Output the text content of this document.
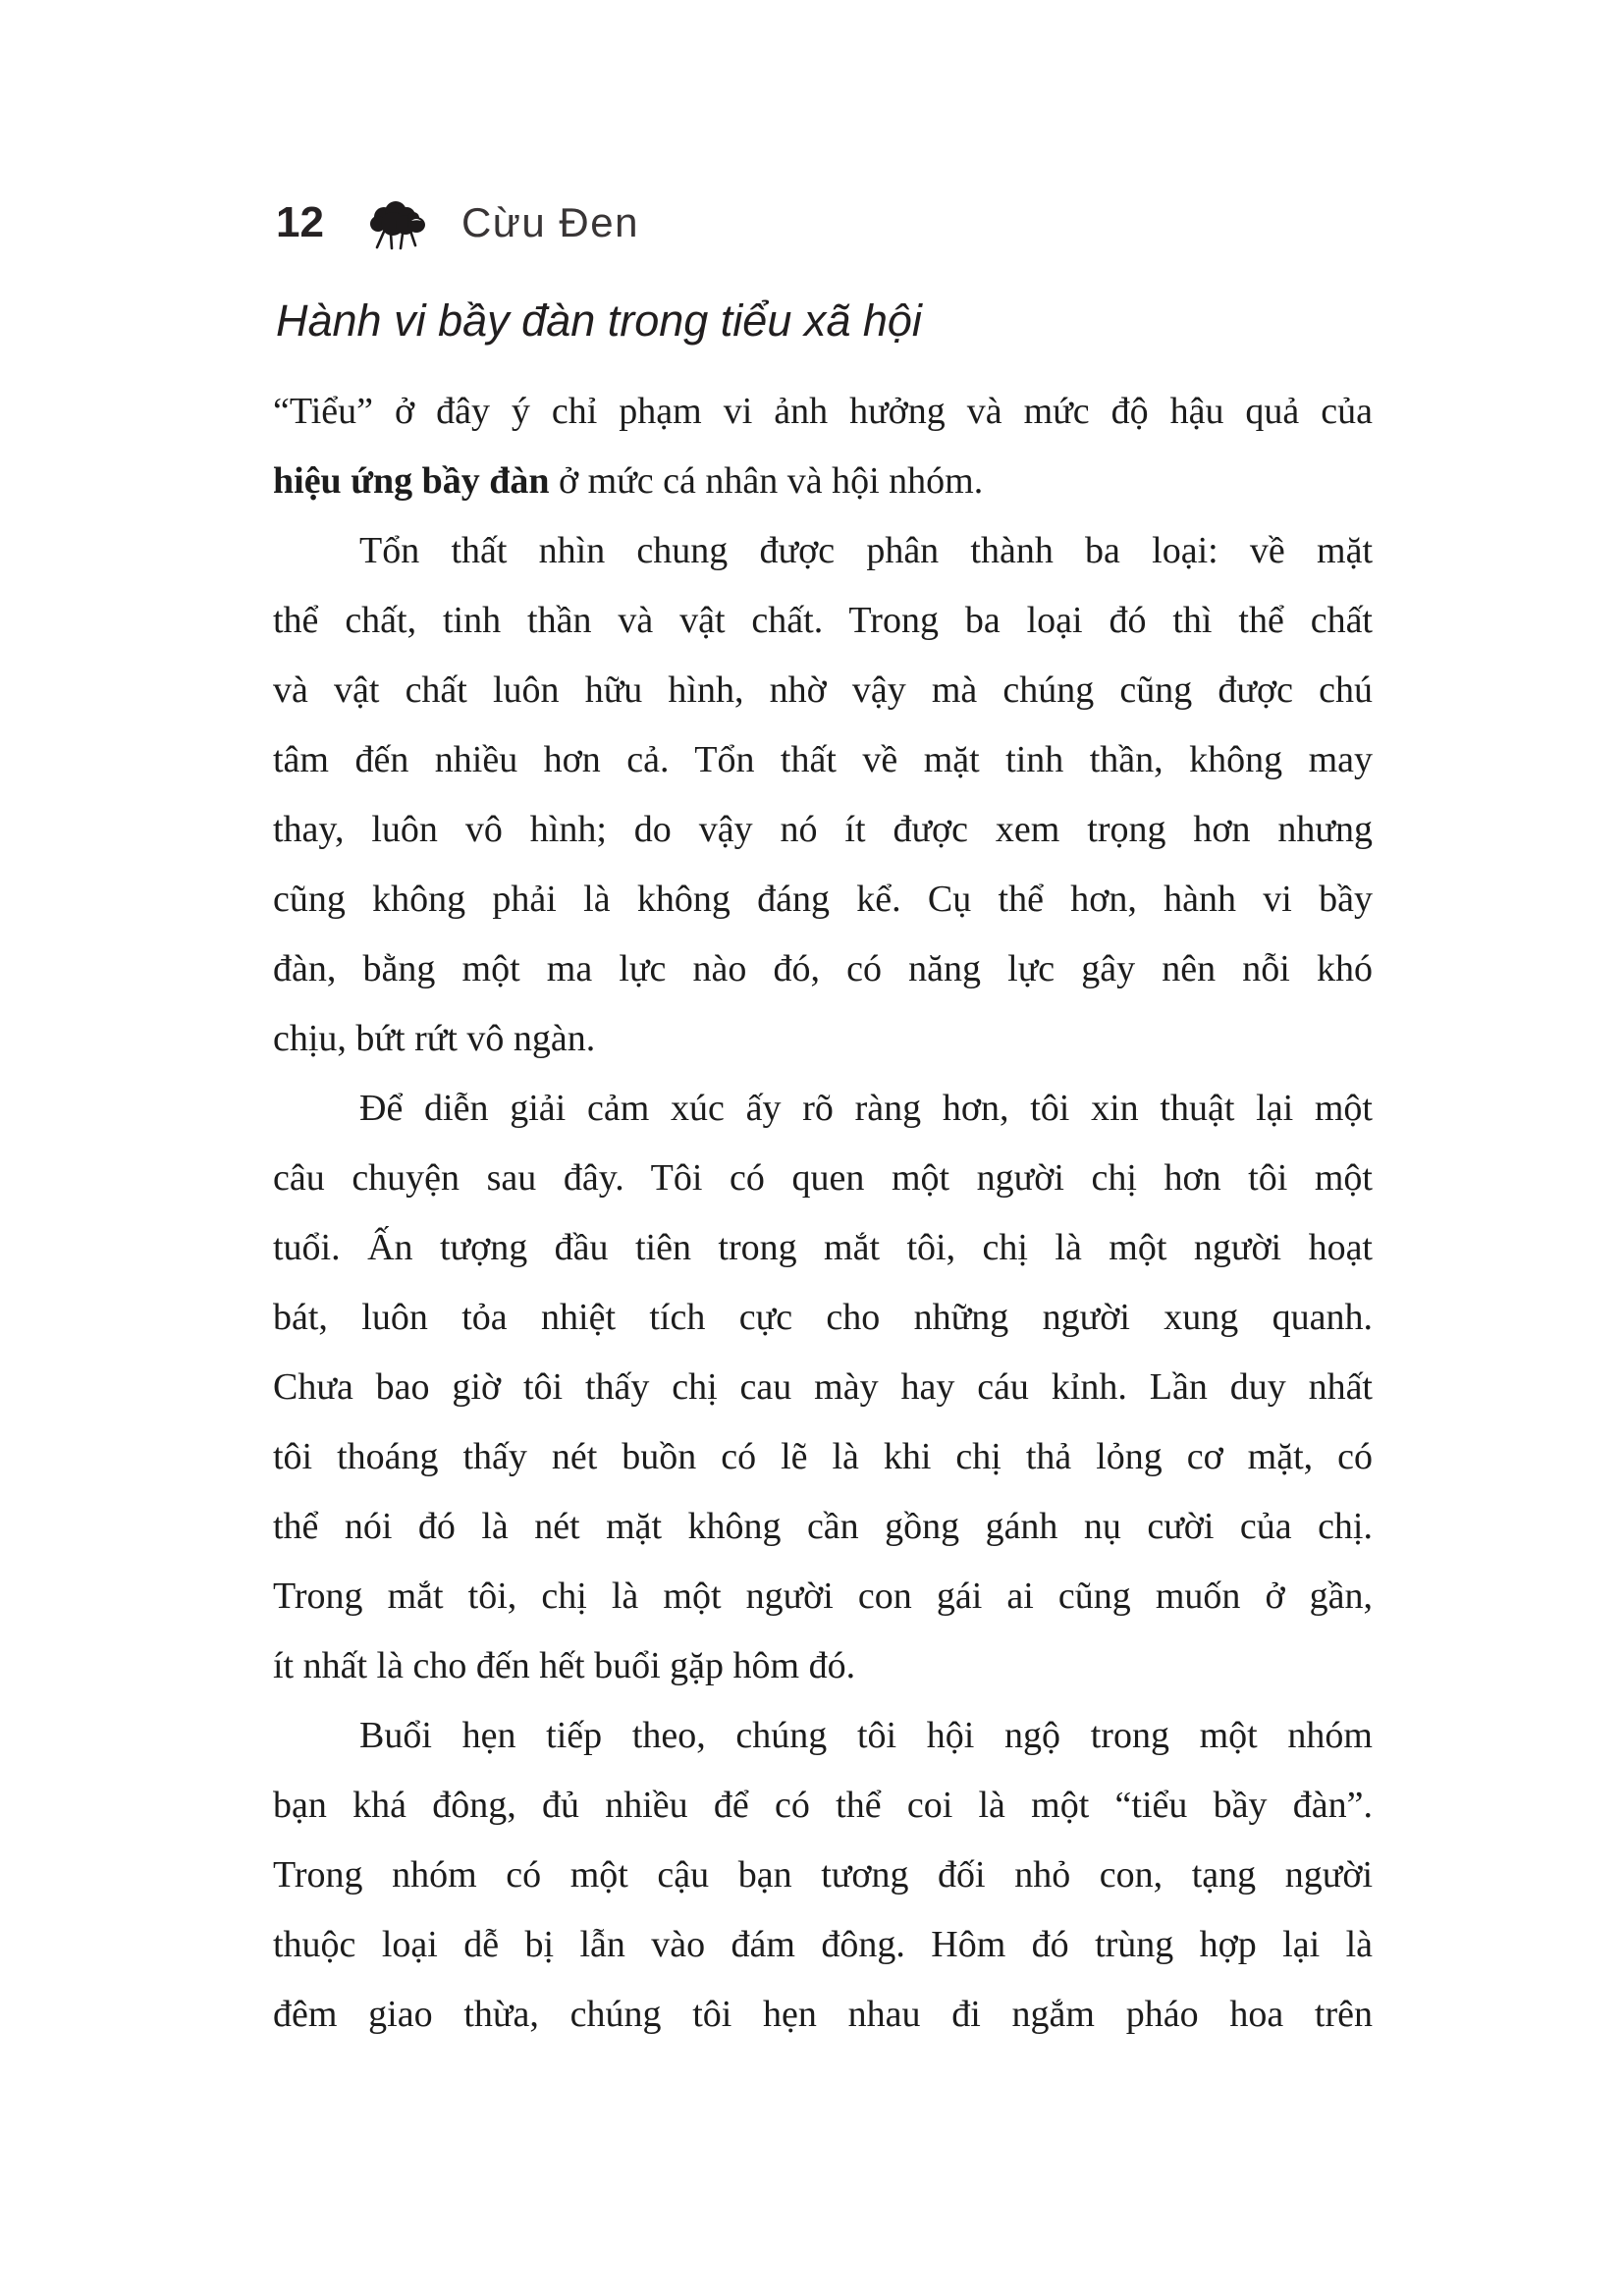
12	Cừu Đen
Hành vi bầy đàn trong tiểu xã hội
“Tiểu” ở đây ý chỉ phạm vi ảnh hưởng và mức độ hậu quả của
hiệu ứng bầy đàn ở mức cá nhân và hội nhóm.
Tổn thất nhìn chung được phân thành ba loại: về mặt
thể chất, tinh thần và vật chất. Trong ba loại đó thì thể chất
và vật chất luôn hữu hình, nhờ vậy mà chúng cũng được chú
tâm đến nhiều hơn cả. Tổn thất về mặt tinh thần, không may
thay, luôn vô hình; do vậy nó ít được xem trọng hơn nhưng
cũng không phải là không đáng kể. Cụ thể hơn, hành vi bầy
đàn, bằng một ma lực nào đó, có năng lực gây nên nỗi khó
chịu, bứt rứt vô ngàn.
Để diễn giải cảm xúc ấy rõ ràng hơn, tôi xin thuật lại một
câu chuyện sau đây. Tôi có quen một người chị hơn tôi một
tuổi. Ấn tượng đầu tiên trong mắt tôi, chị là một người hoạt
bát, luôn tỏa nhiệt tích cực cho những người xung quanh.
Chưa bao giờ tôi thấy chị cau mày hay cáu kỉnh. Lần duy nhất
tôi thoáng thấy nét buồn có lẽ là khi chị thả lỏng cơ mặt, có
thể nói đó là nét mặt không cần gồng gánh nụ cười của chị.
Trong mắt tôi, chị là một người con gái ai cũng muốn ở gần,
ít nhất là cho đến hết buổi gặp hôm đó.
Buổi hẹn tiếp theo, chúng tôi hội ngộ trong một nhóm
bạn khá đông, đủ nhiều để có thể coi là một “tiểu bầy đàn”.
Trong nhóm có một cậu bạn tương đối nhỏ con, tạng người
thuộc loại dễ bị lẫn vào đám đông. Hôm đó trùng hợp lại là
đêm giao thừa, chúng tôi hẹn nhau đi ngắm pháo hoa trên
